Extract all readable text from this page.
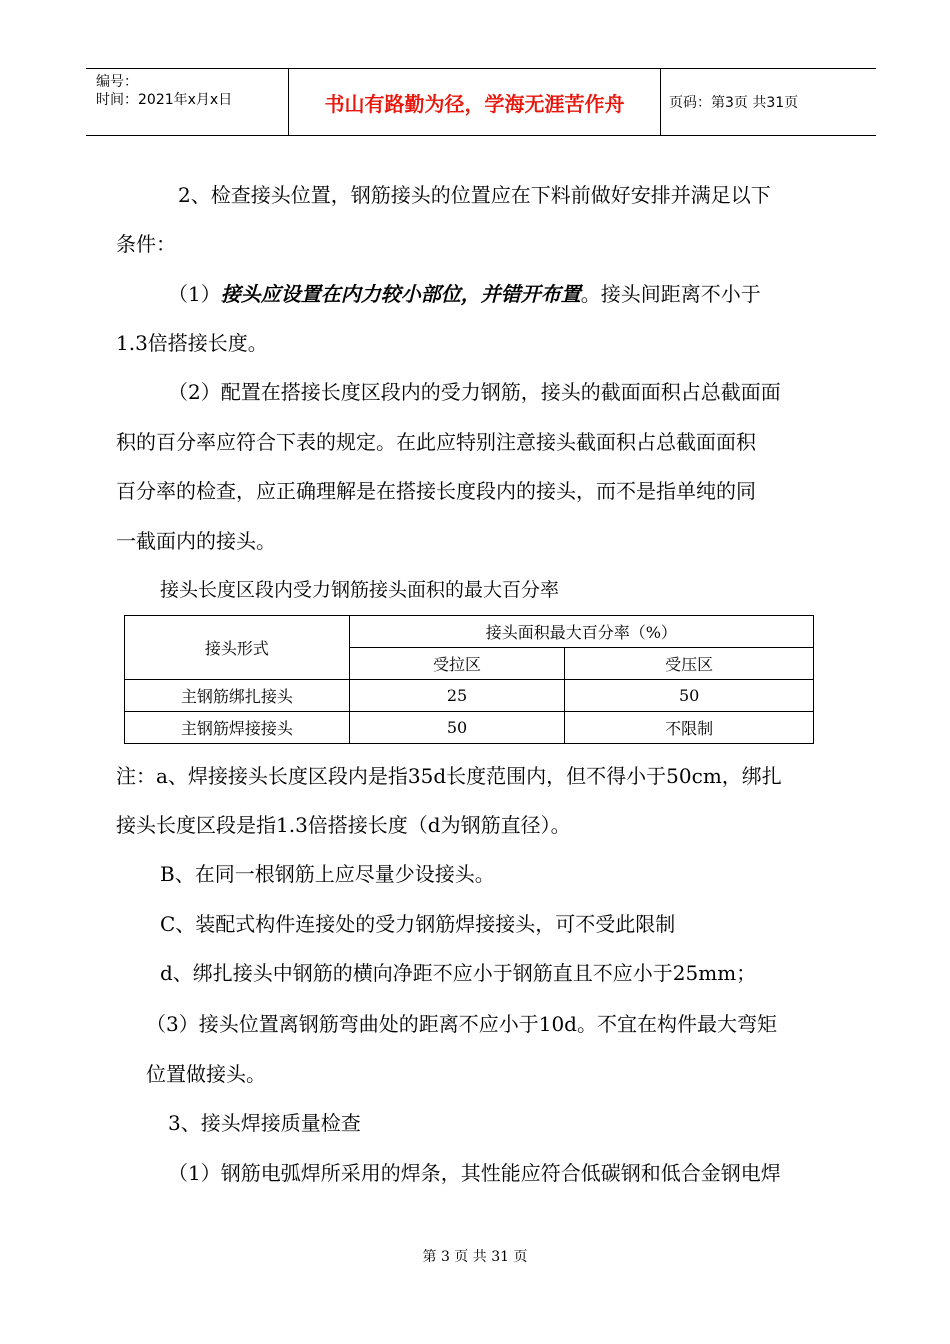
编号：
时间：2021年x月x日	书山有路勤为径，学海无涯苦作舟	页码：第3页 共31页
2、检查接头位置，钢筋接头的位置应在下料前做好安排并满足以下
条件：
（1）接头应设置在内力较小部位，并错开布置。接头间距离不小于
1.3倍搭接长度。
（2）配置在搭接长度区段内的受力钢筋，接头的截面面积占总截面面
积的百分率应符合下表的规定。在此应特别注意接头截面积占总截面面积
百分率的检查，应正确理解是在搭接长度段内的接头，而不是指单纯的同
一截面内的接头。
接头长度区段内受力钢筋接头面积的最大百分率
接头形式	接头面积最大百分率（%）	
	受拉区	受压区
主钢筋绑扎接头	25	50
主钢筋焊接接头	50	不限制
注：a、焊接接头长度区段内是指35d长度范围内，但不得小于50cm，绑扎
接头长度区段是指1.3倍搭接长度（d为钢筋直径）。
B、在同一根钢筋上应尽量少设接头。
C、装配式构件连接处的受力钢筋焊接接头，可不受此限制
d、绑扎接头中钢筋的横向净距不应小于钢筋直且不应小于25mm；
（3）接头位置离钢筋弯曲处的距离不应小于10d。不宜在构件最大弯矩
位置做接头。
3、接头焊接质量检查
（1）钢筋电弧焊所采用的焊条，其性能应符合低碳钢和低合金钢电焊
第 3 页 共 31 页
